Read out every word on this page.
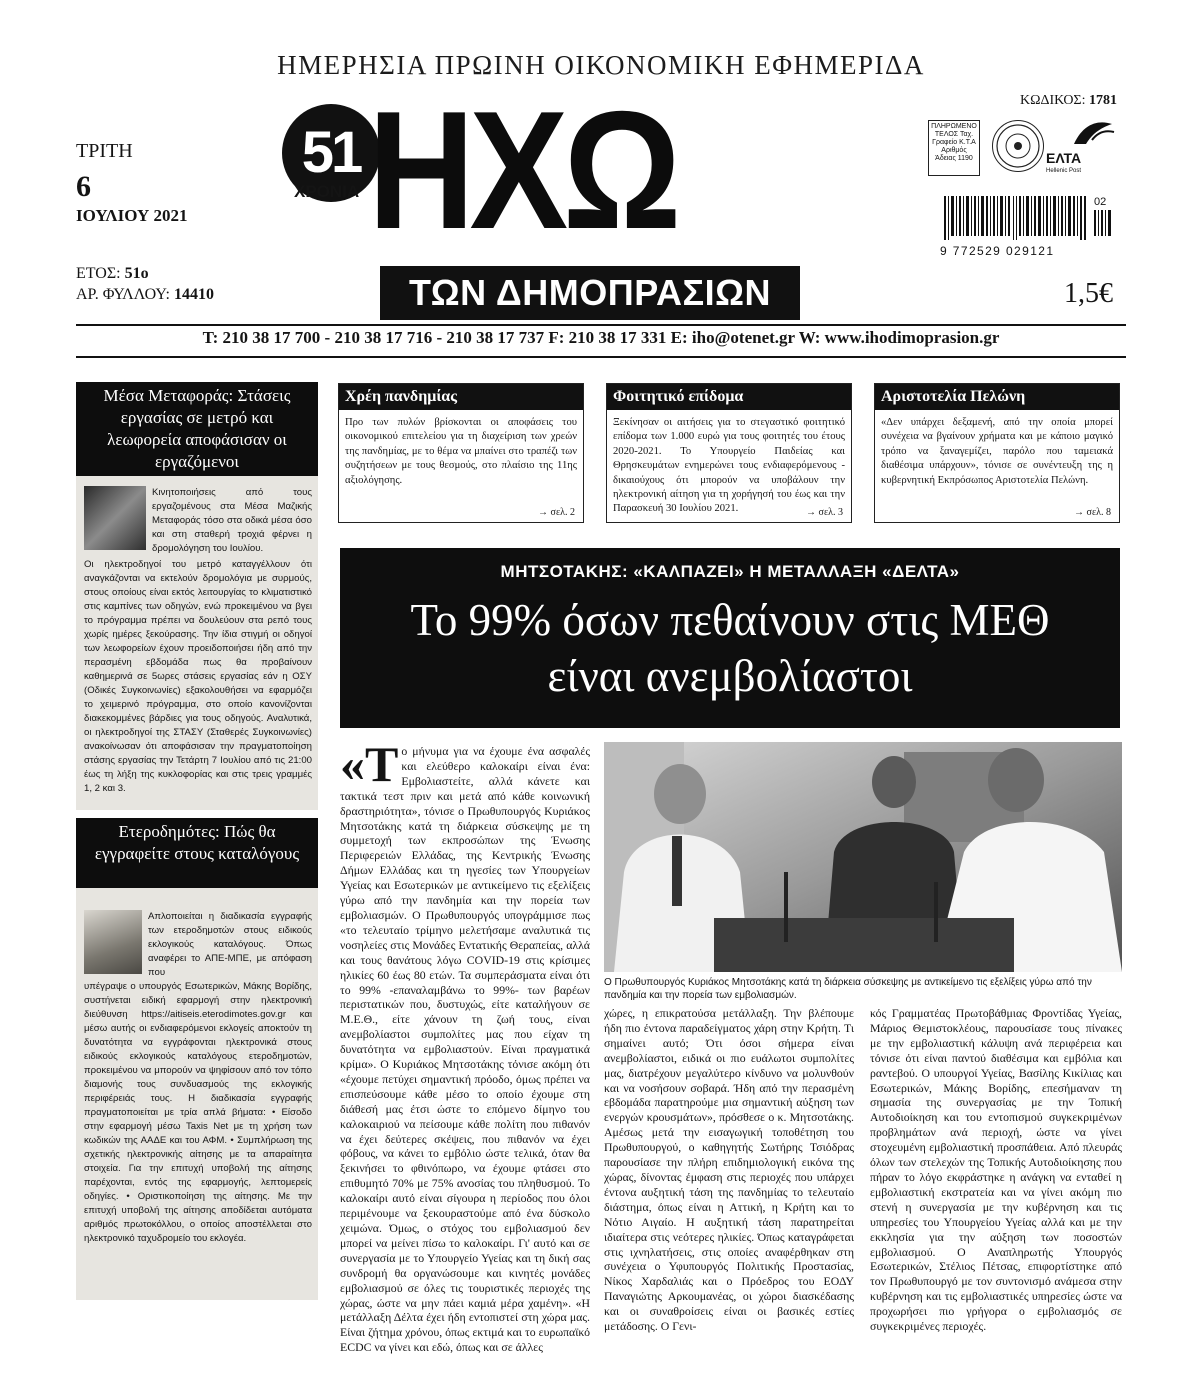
ΗΜΕΡΗΣΙΑ ΠΡΩΙΝΗ ΟΙΚΟΝΟΜΙΚΗ ΕΦΗΜΕΡΙΔΑ
ΚΩΔΙΚΟΣ: 1781
ΤΡΙΤΗ
6
ΙΟΥΛΙΟΥ 2021
ΕΤΟΣ: 51ο
ΑΡ. ΦΥΛΛΟΥ: 14410
51
ΧΡΟΝΙΑ ΗΧΩ
ΤΩΝ ΔΗΜΟΠΡΑΣΙΩΝ
ΠΛΗΡΩΜΕΝΟ ΤΕΛΟΣ Ταχ. Γραφείο Κ.Τ.Α Αριθμός Άδειας 1190	ΕΛΤΑ
Hellenic Post
02
9 772529 029121
1,5€
Τ: 210 38 17 700 - 210 38 17 716 - 210 38 17 737 F: 210 38 17 331 E: iho@otenet.gr W: www.ihodimoprasion.gr
Μέσα Μεταφοράς: Στάσεις εργασίας σε μετρό και λεωφορεία αποφάσισαν οι εργαζόμενοι
Κινητοποιήσεις από τους εργαζομένους στα Μέσα Μαζικής Μεταφοράς τόσο στα οδικά μέσα όσο και στη σταθερή τροχιά φέρνει η δρομολόγηση του Ιουλίου.
Οι ηλεκτροδηγοί του μετρό καταγγέλλουν ότι αναγκάζονται να εκτελούν δρομολόγια με συρμούς, στους οποίους είναι εκτός λειτουργίας το κλιματιστικό στις καμπίνες των οδηγών, ενώ προκειμένου να βγει το πρόγραμμα πρέπει να δουλεύουν στα ρεπό τους χωρίς ημέρες ξεκούρασης. Την ίδια στιγμή οι οδηγοί των λεωφορείων έχουν προειδοποιήσει ήδη από την περασμένη εβδομάδα πως θα προβαίνουν καθημερινά σε 5ωρες στάσεις εργασίας εάν η ΟΣΥ (Οδικές Συγκοινωνίες) εξακολουθήσει να εφαρμόζει το χειμερινό πρόγραμμα, στο οποίο κανονίζονται διακεκομμένες βάρδιες για τους οδηγούς. Αναλυτικά, οι ηλεκτροδηγοί της ΣΤΑΣΥ (Σταθερές Συγκοινωνίες) ανακοίνωσαν ότι αποφάσισαν την πραγματοποίηση στάσης εργασίας την Τετάρτη 7 Ιουλίου από τις 21:00 έως τη λήξη της κυκλοφορίας και στις τρεις γραμμές 1, 2 και 3.
Ετεροδημότες: Πώς θα εγγραφείτε στους καταλόγους
Απλοποιείται η διαδικασία εγγραφής των ετεροδημοτών στους ειδικούς εκλογικούς καταλόγους. Όπως αναφέρει το ΑΠΕ-ΜΠΕ, με απόφαση που
υπέγραψε ο υπουργός Εσωτερικών, Μάκης Βορίδης, συστήνεται ειδική εφαρμογή στην ηλεκτρονική διεύθυνση https://aitiseis.eterodimotes.gov.gr και μέσω αυτής οι ενδιαφερόμενοι εκλογείς αποκτούν τη δυνατότητα να εγγράφονται ηλεκτρονικά στους ειδικούς εκλογικούς καταλόγους ετεροδημοτών, προκειμένου να μπορούν να ψηφίσουν από τον τόπο διαμονής τους συνδυασμούς της εκλογικής περιφέρειάς τους. Η διαδικασία εγγραφής πραγματοποιείται με τρία απλά βήματα: • Είσοδο στην εφαρμογή μέσω Taxis Net με τη χρήση των κωδικών της ΑΑΔΕ και του ΑΦΜ. • Συμπλήρωση της σχετικής ηλεκτρονικής αίτησης με τα απαραίτητα στοιχεία. Για την επιτυχή υποβολή της αίτησης παρέχονται, εντός της εφαρμογής, λεπτομερείς οδηγίες. • Οριστικοποίηση της αίτησης. Με την επιτυχή υποβολή της αίτησης αποδίδεται αυτόματα αριθμός πρωτοκόλλου, ο οποίος αποστέλλεται στο ηλεκτρονικό ταχυδρομείο του εκλογέα.
Χρέη πανδημίας
Προ των πυλών βρίσκονται οι αποφάσεις του οικονομικού επιτελείου για τη διαχείριση των χρεών της πανδημίας, με το θέμα να μπαίνει στο τραπέζι των συζητήσεων με τους θεσμούς, στο πλαίσιο της 11ης αξιολόγησης.
→ σελ. 2
Φοιτητικό επίδομα
Ξεκίνησαν οι αιτήσεις για το στεγαστικό φοιτητικό επίδομα των 1.000 ευρώ για τους φοιτητές του έτους 2020-2021. Το Υπουργείο Παιδείας και Θρησκευμάτων ενημερώνει τους ενδιαφερόμενους - δικαιούχους ότι μπορούν να υποβάλουν την ηλεκτρονική αίτηση για τη χορήγησή του έως και την Παρασκευή 30 Ιουλίου 2021.	→ σελ. 3
Αριστοτελία Πελώνη
«Δεν υπάρχει δεξαμενή, από την οποία μπορεί συνέχεια να βγαίνουν χρήματα και με κάποιο μαγικό τρόπο να ξαναγεμίζει, παρόλο που ταμειακά διαθέσιμα υπάρχουν», τόνισε σε συνέντευξη της η κυβερνητική Εκπρόσωπος Αριστοτελία Πελώνη.
→ σελ. 8
ΜΗΤΣΟΤΑΚΗΣ: «ΚΑΛΠΑΖΕΙ» Η ΜΕΤΑΛΛΑΞΗ «ΔΕΛΤΑ»
Το 99% όσων πεθαίνουν στις ΜΕΘ
είναι ανεμβολίαστοι
Ο Πρωθυπουργός Κυριάκος Μητσοτάκης κατά τη διάρκεια σύσκεψης με αντικείμενο τις εξελίξεις γύρω από την πανδημία και την πορεία των εμβολιασμών.
«Το μήνυμα για να έχουμε ένα ασφαλές και ελεύθερο καλοκαίρι είναι ένα: Εμβολιαστείτε, αλλά κάνετε και τακτικά τεστ πριν και μετά από κάθε κοινωνική δραστηριότητα», τόνισε ο Πρωθυπουργός Κυριάκος Μητσοτάκης κατά τη διάρκεια σύσκεψης με τη συμμετοχή των εκπροσώπων της Ένωσης Περιφερειών Ελλάδας, της Κεντρικής Ένωσης Δήμων Ελλάδας και τη ηγεσίες των Υπουργείων Υγείας και Εσωτερικών με αντικείμενο τις εξελίξεις γύρω από την πανδημία και την πορεία των εμβολιασμών. Ο Πρωθυπουργός υπογράμμισε πως «το τελευταίο τρίμηνο μελετήσαμε αναλυτικά τις νοσηλείες στις Μονάδες Εντατικής Θεραπείας, αλλά και τους θανάτους λόγω COVID-19 στις κρίσιμες ηλικίες 60 έως 80 ετών. Τα συμπεράσματα είναι ότι το 99% -επαναλαμβάνω το 99%- των βαρέων περιστατικών που, δυστυχώς, είτε καταλήγουν σε Μ.Ε.Θ., είτε χάνουν τη ζωή τους, είναι ανεμβολίαστοι συμπολίτες μας που είχαν τη δυνατότητα να εμβολιαστούν. Είναι πραγματικά κρίμα». Ο Κυριάκος Μητσοτάκης τόνισε ακόμη ότι «έχουμε πετύχει σημαντική πρόοδο, όμως πρέπει να επισπεύσουμε κάθε μέσο το οποίο έχουμε στη διάθεσή μας έτσι ώστε το επόμενο δίμηνο του καλοκαιριού να πείσουμε κάθε πολίτη που πιθανόν να έχει δεύτερες σκέψεις, που πιθανόν να έχει φόβους, να κάνει το εμβόλιο ώστε τελικά, όταν θα ξεκινήσει το φθινόπωρο, να έχουμε φτάσει στο επιθυμητό 70% με 75% ανοσίας του πληθυσμού. Το καλοκαίρι αυτό είναι σίγουρα η περίοδος που όλοι περιμένουμε να ξεκουραστούμε από ένα δύσκολο χειμώνα. Όμως, ο στόχος του εμβολιασμού δεν μπορεί να μείνει πίσω το καλοκαίρι. Γι' αυτό και σε συνεργασία με το Υπουργείο Υγείας και τη δική σας συνδρομή θα οργανώσουμε και κινητές μονάδες εμβολιασμού σε όλες τις τουριστικές περιοχές της χώρας, ώστε να μην πάει καμιά μέρα χαμένη». «Η μετάλλαξη Δέλτα έχει ήδη εντοπιστεί στη χώρα μας. Είναι ζήτημα χρόνου, όπως εκτιμά και το ευρωπαϊκό ECDC να γίνει και εδώ, όπως και σε άλλες
χώρες, η επικρατούσα μετάλλαξη. Την βλέπουμε ήδη πιο έντονα παραδείγματος χάρη στην Κρήτη. Τι σημαίνει αυτό; Ότι όσοι σήμερα είναι ανεμβολίαστοι, ειδικά οι πιο ευάλωτοι συμπολίτες μας, διατρέχουν μεγαλύτερο κίνδυνο να μολυνθούν και να νοσήσουν σοβαρά. Ήδη από την περασμένη εβδομάδα παρατηρούμε μια σημαντική αύξηση των ενεργών κρουσμάτων», πρόσθεσε ο κ. Μητσοτάκης. Αμέσως μετά την εισαγωγική τοποθέτηση του Πρωθυπουργού, ο καθηγητής Σωτήρης Τσιόδρας παρουσίασε την πλήρη επιδημιολογική εικόνα της χώρας, δίνοντας έμφαση στις περιοχές που υπάρχει έντονα αυξητική τάση της πανδημίας το τελευταίο διάστημα, όπως είναι η Αττική, η Κρήτη και το Νότιο Αιγαίο. Η αυξητική τάση παρατηρείται ιδιαίτερα στις νεότερες ηλικίες. Όπως καταγράφεται στις ιχνηλατήσεις, στις οποίες αναφέρθηκαν στη συνέχεια ο Υφυπουργός Πολιτικής Προστασίας, Νίκος Χαρδαλιάς και ο Πρόεδρος του ΕΟΔΥ Παναγιώτης Αρκουμανέας, οι χώροι διασκέδασης και οι συναθροίσεις είναι οι βασικές εστίες μετάδοσης. Ο Γενι-
κός Γραμματέας Πρωτοβάθμιας Φροντίδας Υγείας, Μάριος Θεμιστοκλέους, παρουσίασε τους πίνακες με την εμβολιαστική κάλυψη ανά περιφέρεια και τόνισε ότι είναι παντού διαθέσιμα και εμβόλια και ραντεβού. Ο υπουργοί Υγείας, Βασίλης Κικίλιας και Εσωτερικών, Μάκης Βορίδης, επεσήμαναν τη σημασία της συνεργασίας με την Τοπική Αυτοδιοίκηση και του εντοπισμού συγκεκριμένων προβλημάτων ανά περιοχή, ώστε να γίνει στοχευμένη εμβολιαστική προσπάθεια. Από πλευράς όλων των στελεχών της Τοπικής Αυτοδιοίκησης που πήραν το λόγο εκφράστηκε η ανάγκη να ενταθεί η εμβολιαστική εκστρατεία και να γίνει ακόμη πιο στενή η συνεργασία με την κυβέρνηση και τις υπηρεσίες του Υπουργείου Υγείας αλλά και με την εκκλησία για την αύξηση των ποσοστών εμβολιασμού. Ο Αναπληρωτής Υπουργός Εσωτερικών, Στέλιος Πέτσας, επιφορτίστηκε από τον Πρωθυπουργό με τον συντονισμό ανάμεσα στην κυβέρνηση και τις εμβολιαστικές υπηρεσίες ώστε να προχωρήσει πιο γρήγορα ο εμβολιασμός σε συγκεκριμένες περιοχές.
